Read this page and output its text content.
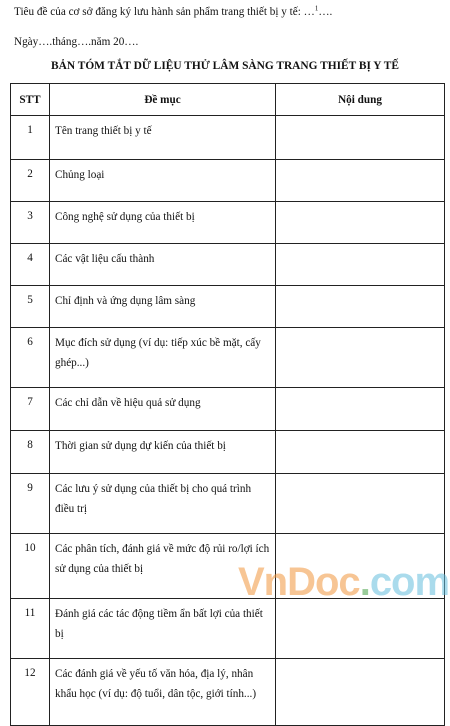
Tiêu đề của cơ sở đăng ký lưu hành sản phẩm trang thiết bị y tế: …$^1$….
Ngày….tháng….năm 20….
BẢN TÓM TẮT DỮ LIỆU THỬ LÂM SÀNG TRANG THIẾT BỊ Y TẾ
STT	Đề mục	Nội dung
1	Tên trang thiết bị y tế	

2	Chủng loại	

3	Công nghệ sử dụng của thiết bị	

4	Các vật liệu cấu thành	

5	Chỉ định và ứng dụng lâm sàng	

6	Mục đích sử dụng (ví dụ: tiếp xúc bề mặt, cấy ghép...)	

7	Các chỉ dẫn về hiệu quả sử dụng	

8	Thời gian sử dụng dự kiến của thiết bị	

9	Các lưu ý sử dụng của thiết bị cho quá trình điều trị	

10	Các phân tích, đánh giá về mức độ rủi ro/lợi ích sử dụng của thiết bị	

11	Đánh giá các tác động tiềm ẩn bất lợi của thiết bị	

12	Các đánh giá về yếu tố văn hóa, địa lý, nhân khẩu học (ví dụ: độ tuổi, dân tộc, giới tính...)	

VnDoc.com
